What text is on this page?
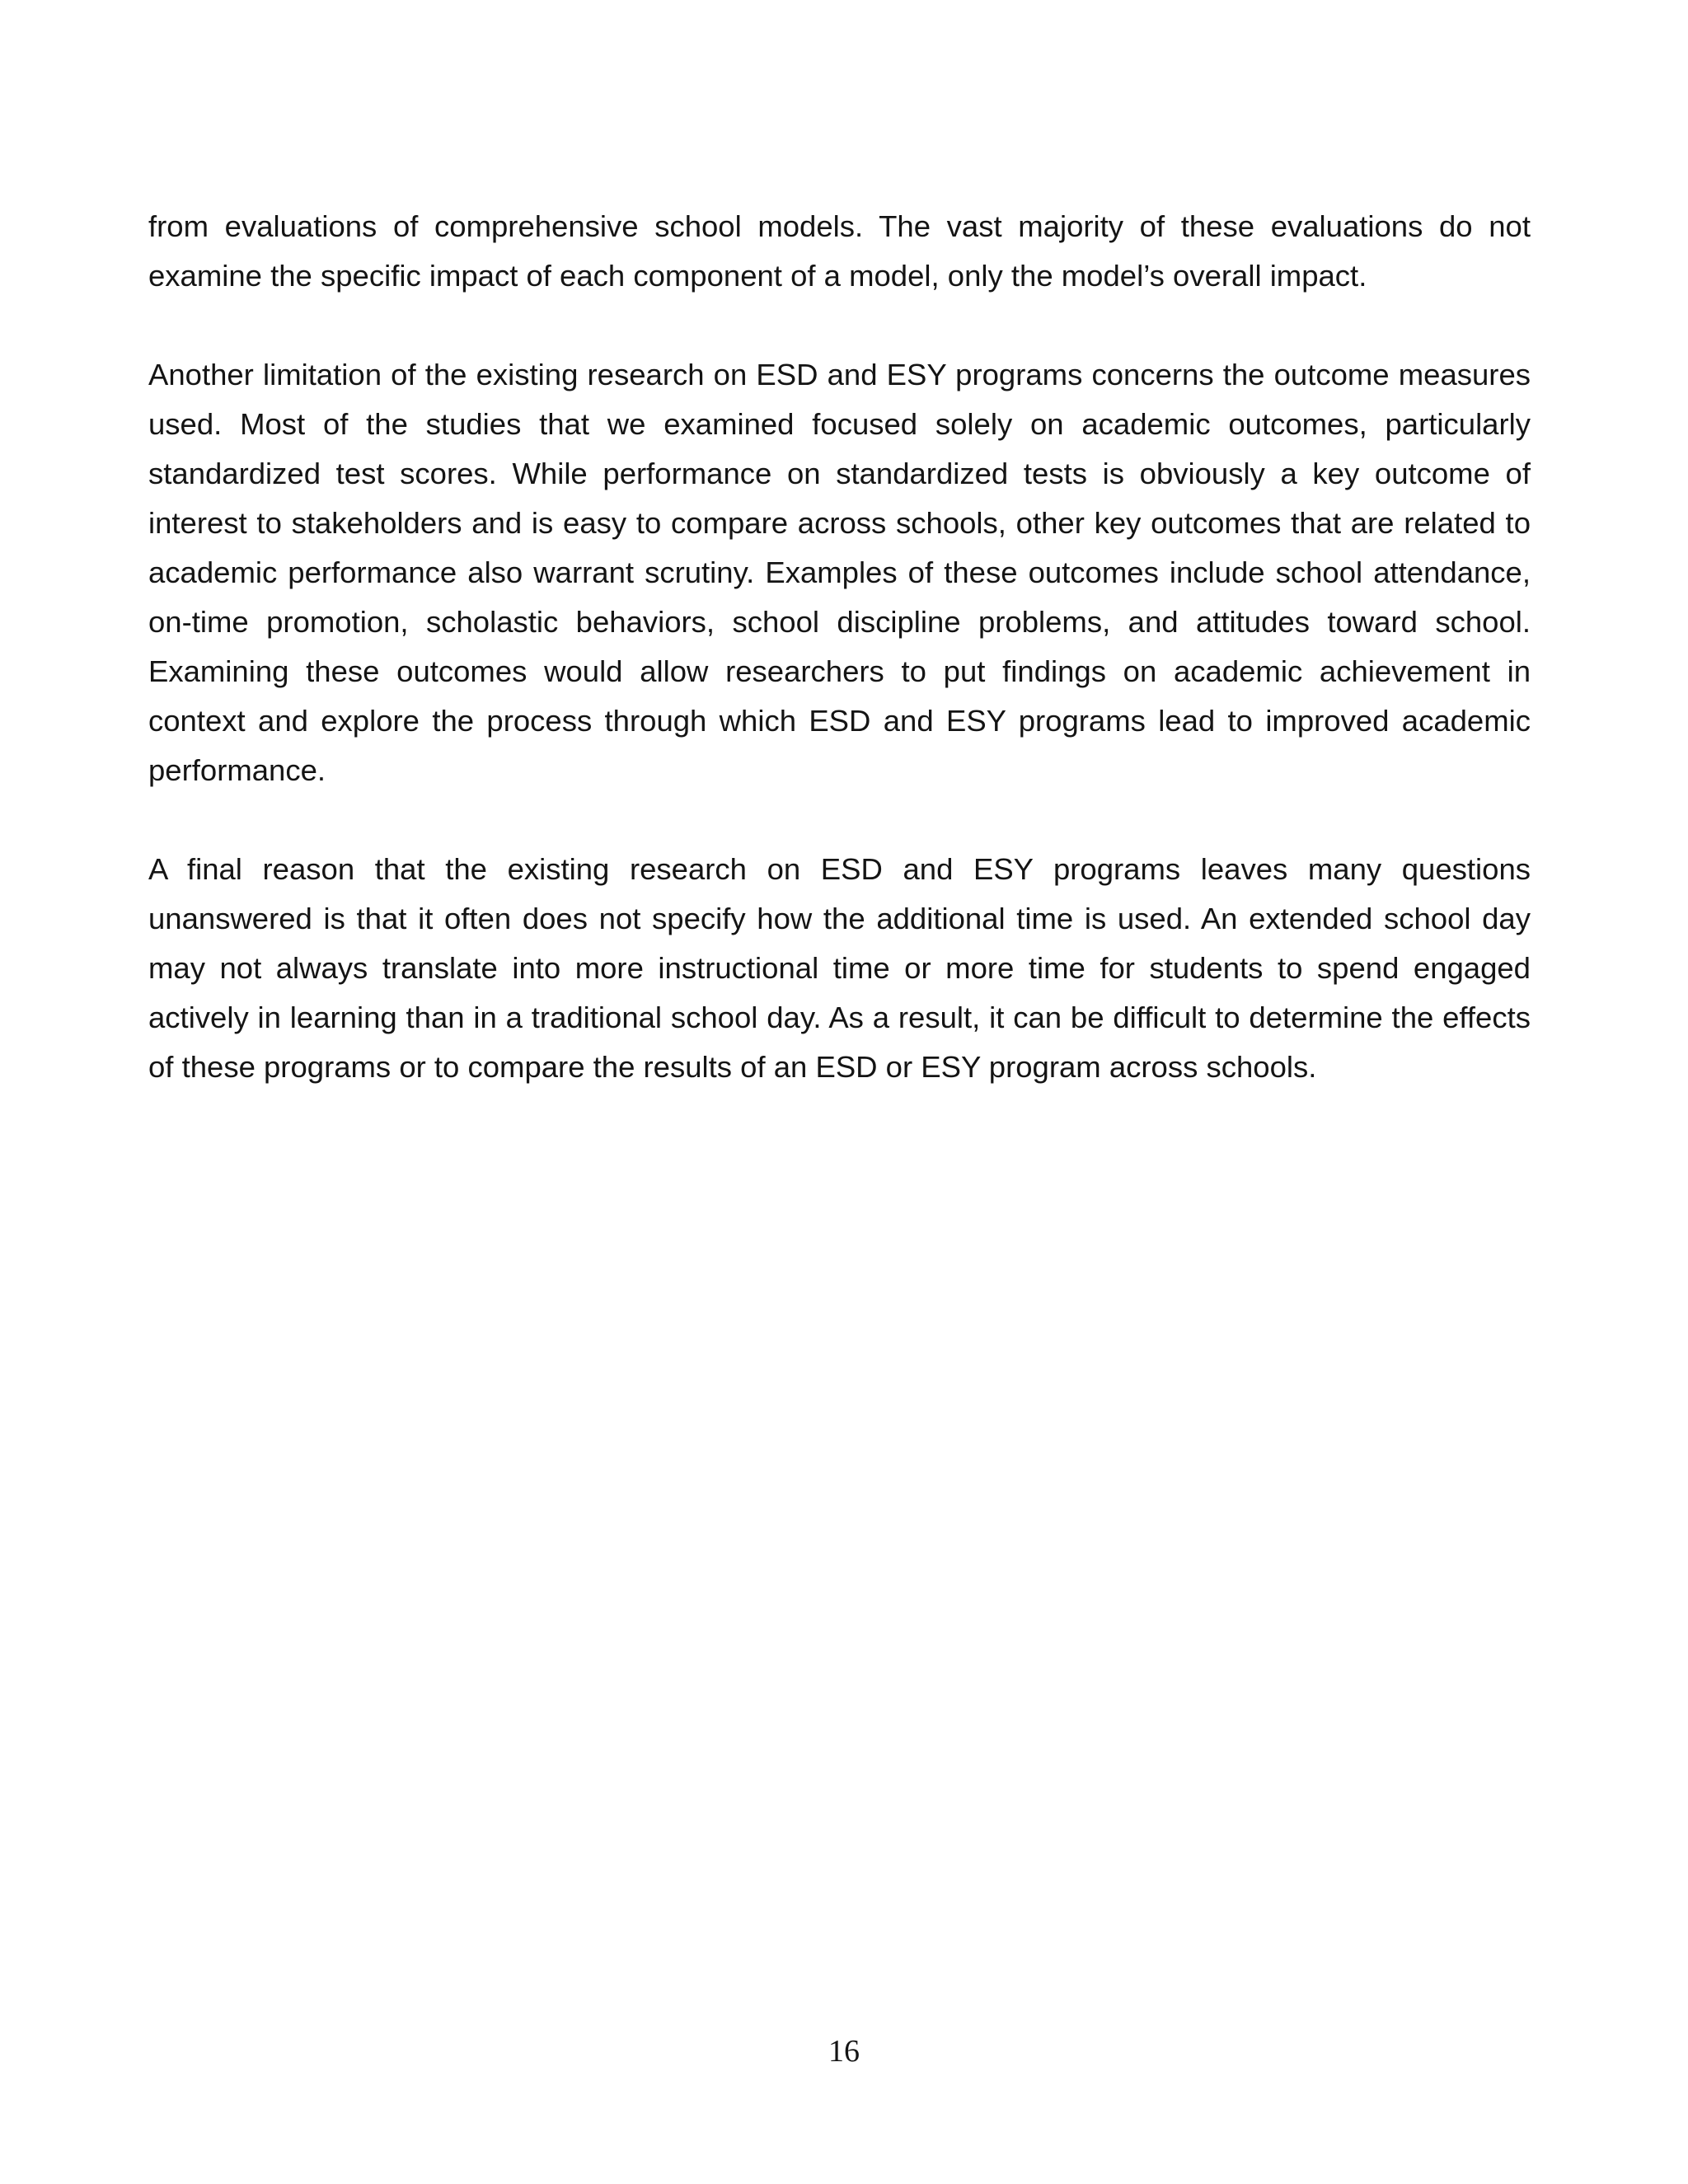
from evaluations of comprehensive school models. The vast majority of these evaluations do not examine the specific impact of each component of a model, only the model’s overall impact.

Another limitation of the existing research on ESD and ESY programs concerns the outcome measures used. Most of the studies that we examined focused solely on academic outcomes, particularly standardized test scores. While performance on standardized tests is obviously a key outcome of interest to stakeholders and is easy to compare across schools, other key outcomes that are related to academic performance also warrant scrutiny. Examples of these outcomes include school attendance, on-time promotion, scholastic behaviors, school discipline problems, and attitudes toward school. Examining these outcomes would allow researchers to put findings on academic achievement in context and explore the process through which ESD and ESY programs lead to improved academic performance.

A final reason that the existing research on ESD and ESY programs leaves many questions unanswered is that it often does not specify how the additional time is used. An extended school day may not always translate into more instructional time or more time for students to spend engaged actively in learning than in a traditional school day. As a result, it can be difficult to determine the effects of these programs or to compare the results of an ESD or ESY program across schools.

16
